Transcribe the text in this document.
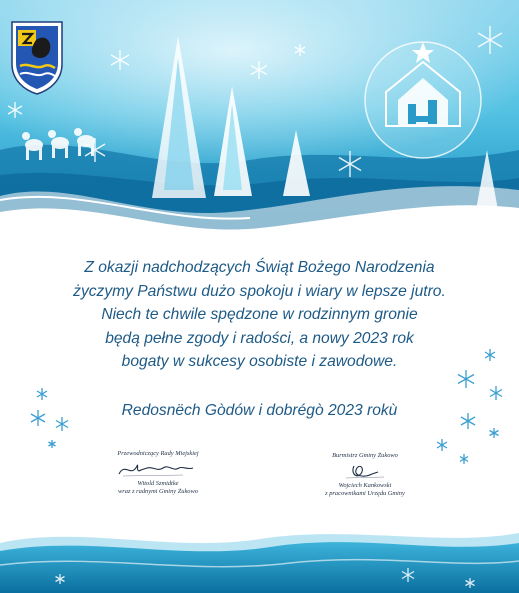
Z okazji nadchodzących Świąt Bożego Narodzenia
życzymy Państwu dużo spokoju i wiary w lepsze jutro.
Niech te chwile spędzone w rodzinnym gronie
będą pełne zgody i radości, a nowy 2023 rok
bogaty w sukcesy osobiste i zawodowe.
Redosnëch Gòdów i dobrégò 2023 rokù
Przewodniczący Rady Miejskiej
Witold Szmidtke
wraz z radnymi Gminy Żukowo
Burmistrz Gminy Żukowo
Wojciech Kankowski
z pracownikami Urzędu Gminy
